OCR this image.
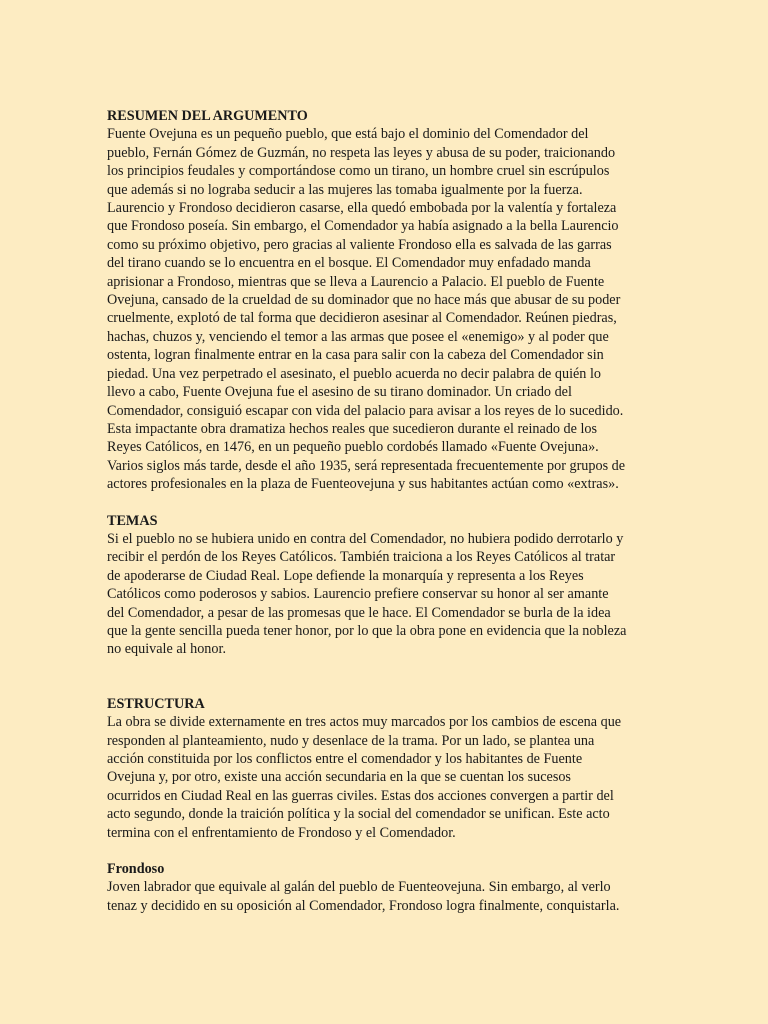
RESUMEN DEL ARGUMENTO

Fuente Ovejuna es un pequeño pueblo, que está bajo el dominio del Comendador del
pueblo, Fernán Gómez de Guzmán, no respeta las leyes y abusa de su poder, traicionando
los principios feudales y comportándose como un tirano, un hombre cruel sin escrúpulos
que además si no lograba seducir a las mujeres las tomaba igualmente por la fuerza.
Laurencio y Frondoso decidieron casarse, ella quedó embobada por la valentía y fortaleza
que Frondoso poseía. Sin embargo, el Comendador ya había asignado a la bella Laurencio
como su próximo objetivo, pero gracias al valiente Frondoso ella es salvada de las garras
del tirano cuando se lo encuentra en el bosque. El Comendador muy enfadado manda
aprisionar a Frondoso, mientras que se lleva a Laurencio a Palacio. El pueblo de Fuente
Ovejuna, cansado de la crueldad de su dominador que no hace más que abusar de su poder
cruelmente, explotó de tal forma que decidieron asesinar al Comendador. Reúnen piedras,
hachas, chuzos y, venciendo el temor a las armas que posee el «enemigo» y al poder que
ostenta, logran finalmente entrar en la casa para salir con la cabeza del Comendador sin
piedad. Una vez perpetrado el asesinato, el pueblo acuerda no decir palabra de quién lo
llevo a cabo, Fuente Ovejuna fue el asesino de su tirano dominador. Un criado del
Comendador, consiguió escapar con vida del palacio para avisar a los reyes de lo sucedido.
Esta impactante obra dramatiza hechos reales que sucedieron durante el reinado de los
Reyes Católicos, en 1476, en un pequeño pueblo cordobés llamado «Fuente Ovejuna».
Varios siglos más tarde, desde el año 1935, será representada frecuentemente por grupos de
actores profesionales en la plaza de Fuenteovejuna y sus habitantes actúan como «extras».

TEMAS

Si el pueblo no se hubiera unido en contra del Comendador, no hubiera podido derrotarlo y
recibir el perdón de los Reyes Católicos. También traiciona a los Reyes Católicos al tratar
de apoderarse de Ciudad Real. Lope defiende la monarquía y representa a los Reyes
Católicos como poderosos y sabios. Laurencio prefiere conservar su honor al ser amante
del Comendador, a pesar de las promesas que le hace. El Comendador se burla de la idea
que la gente sencilla pueda tener honor, por lo que la obra pone en evidencia que la nobleza
no equivale al honor.

ESTRUCTURA

La obra se divide externamente en tres actos muy marcados por los cambios de escena que
responden al planteamiento, nudo y desenlace de la trama. Por un lado, se plantea una
acción constituida por los conflictos entre el comendador y los habitantes de Fuente
Ovejuna y, por otro, existe una acción secundaria en la que se cuentan los sucesos
ocurridos en Ciudad Real en las guerras civiles. Estas dos acciones convergen a partir del
acto segundo, donde la traición política y la social del comendador se unifican. Este acto
termina con el enfrentamiento de Frondoso y el Comendador.

Frondoso

Joven labrador que equivale al galán del pueblo de Fuenteovejuna. Sin embargo, al verlo
tenaz y decidido en su oposición al Comendador, Frondoso logra finalmente, conquistarla.
